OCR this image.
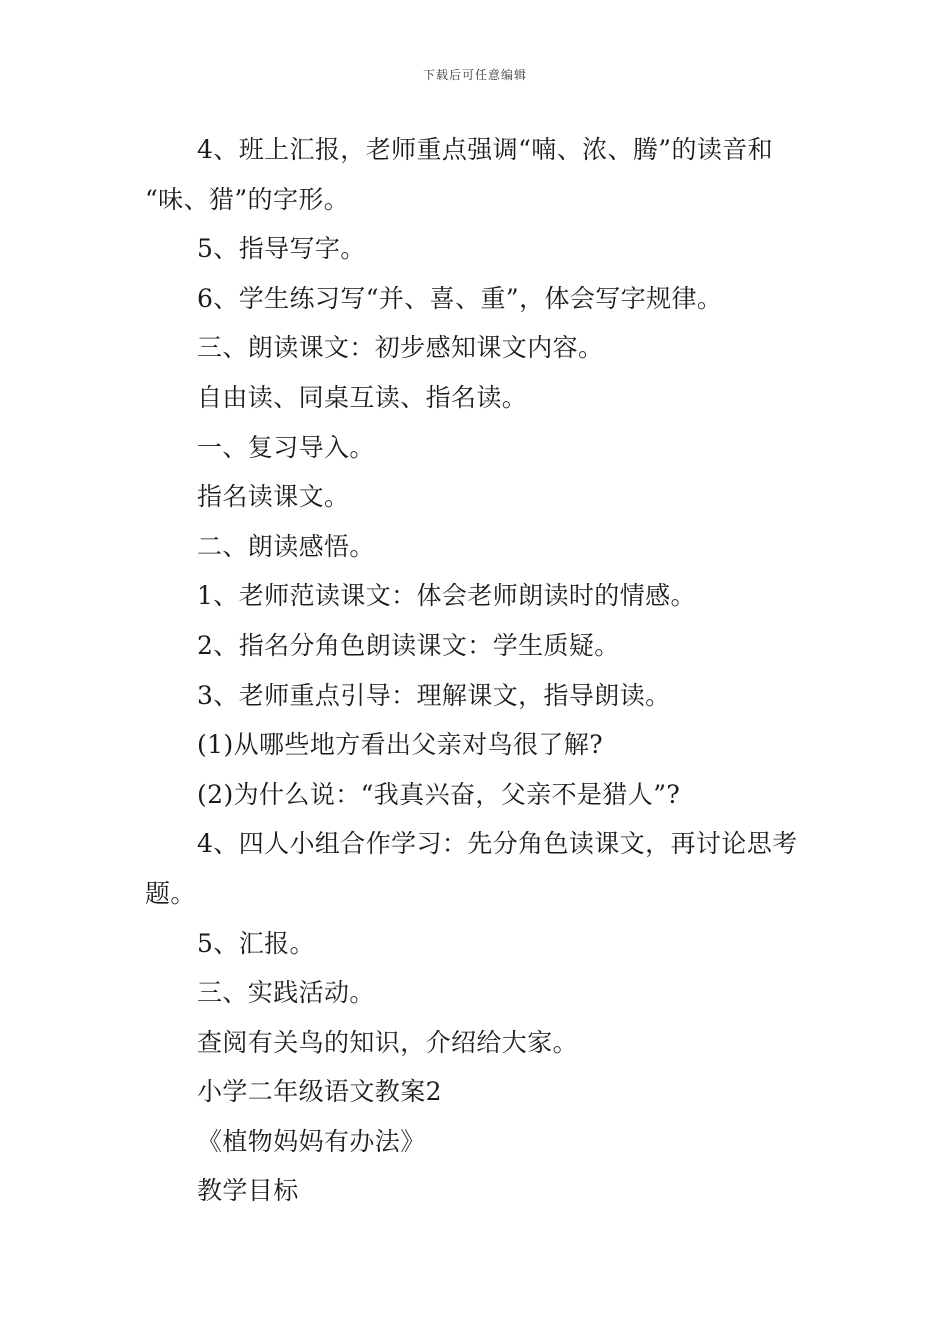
下载后可任意编辑
4、班上汇报，老师重点强调“喃、浓、腾”的读音和
“味、猎”的字形。
5、指导写字。
6、学生练习写“并、喜、重”，体会写字规律。
三、朗读课文：初步感知课文内容。
自由读、同桌互读、指名读。
一、复习导入。
指名读课文。
二、朗读感悟。
1、老师范读课文：体会老师朗读时的情感。
2、指名分角色朗读课文：学生质疑。
3、老师重点引导：理解课文，指导朗读。
(1)从哪些地方看出父亲对鸟很了解?
(2)为什么说：“我真兴奋，父亲不是猎人”?
4、四人小组合作学习：先分角色读课文，再讨论思考
题。
5、汇报。
三、实践活动。
查阅有关鸟的知识，介绍给大家。
小学二年级语文教案2
《植物妈妈有办法》
教学目标
